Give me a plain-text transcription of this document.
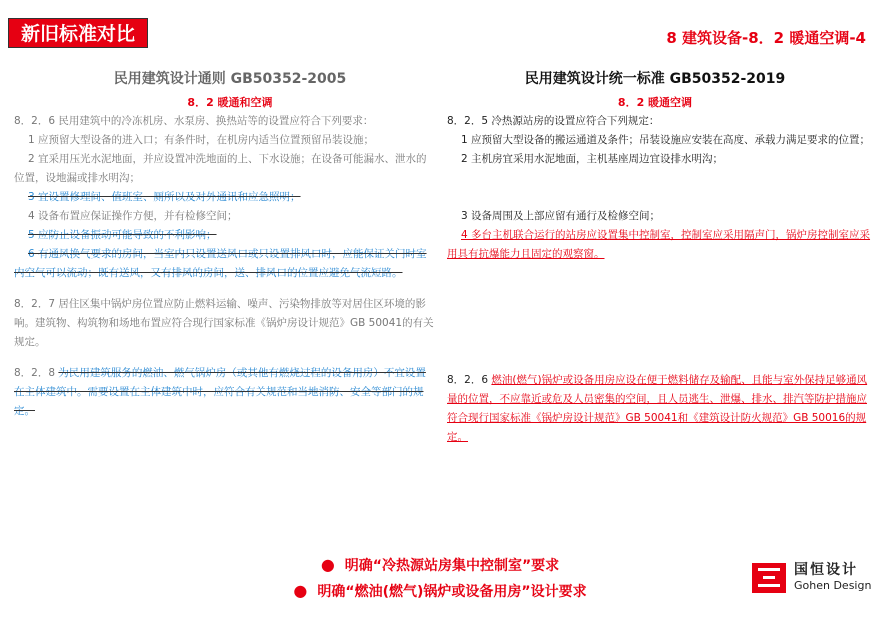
新旧标准对比	8 建筑设备-8．2 暖通空调-4
民用建筑设计通则 GB50352-2005	民用建筑设计统一标准 GB50352-2019
8．2 暖通和空调	8．2 暖通空调

8．2．6 民用建筑中的冷冻机房、水泵房、换热站等的设置应符合下列要求：

1 应预留大型设备的进入口；有条件时，在机房内适当位置预留吊装设施；

2 宜采用压光水泥地面，并应设置冲洗地面的上、下水设施；在设备可能漏水、泄水的位置，设地漏或排水明沟；

3 宜设置修理间、值班室、厕所以及对外通讯和应急照明；

4 设备布置应保证操作方便，并有检修空间；

5 应防止设备振动可能导致的不利影响；

6 有通风换气要求的房间，当室内只设置送风口或只设置排风口时，应能保证关门时室内空气可以流动；既有送风，又有排风的房间，送、排风口的位置应避免气流短路。

8．2．7 居住区集中锅炉房位置应防止燃料运输、噪声、污染物排放等对居住区环境的影响。建筑物、构筑物和场地布置应符合现行国家标准《锅炉房设计规范》GB 50041的有关规定。

8．2．8 为民用建筑服务的燃油、燃气锅炉房（或其他有燃烧过程的设备用房）不宜设置在主体建筑中。需要设置在主体建筑中时，应符合有关规范和当地消防、安全等部门的规定。

8．2．5 冷热源站房的设置应符合下列规定：

1 应预留大型设备的搬运通道及条件；吊装设施应安装在高度、承载力满足要求的位置；

2 主机房宜采用水泥地面，主机基座周边宜设排水明沟；

3 设备周围及上部应留有通行及检修空间；

4 多台主机联合运行的站房应设置集中控制室，控制室应采用隔声门，锅炉房控制室应采用具有抗爆能力且固定的观察窗。

8．2．6 燃油(燃气)锅炉或设备用房应设在便于燃料储存及输配、且能与室外保持足够通风量的位置，不应靠近或危及人员密集的空间，且人员逃生、泄爆、排水、排汽等防护措施应符合现行国家标准《锅炉房设计规范》GB 50041和《建筑设计防火规范》GB 50016的规定。

● 明确“冷热源站房集中控制室”要求
● 明确“燃油(燃气)锅炉或设备用房”设计要求
国恒设计
Gohen Design
